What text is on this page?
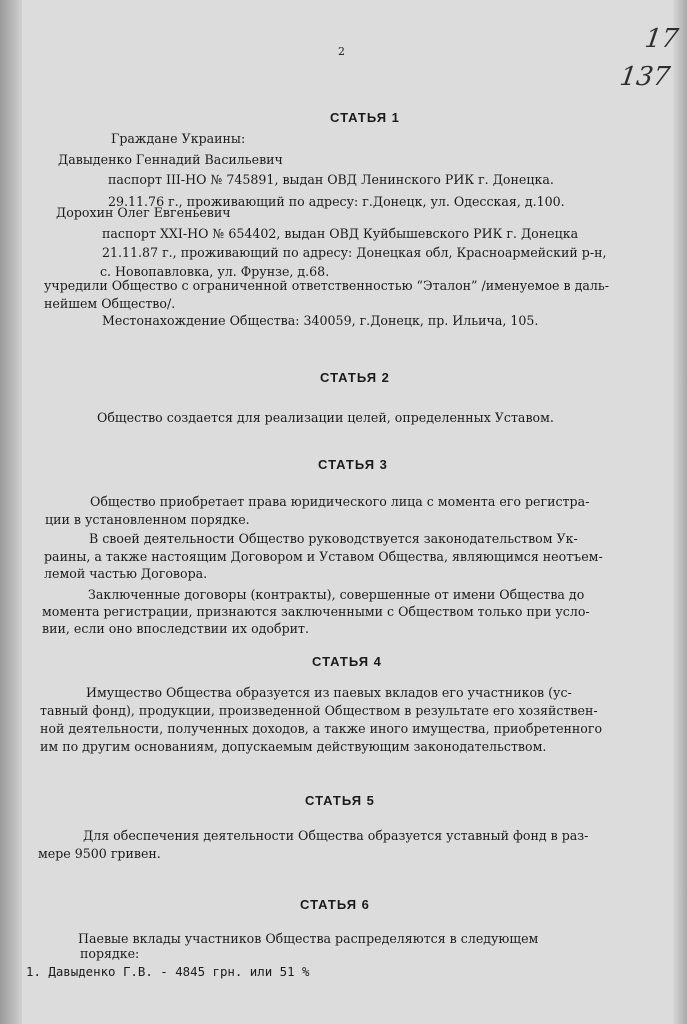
2	17
137
СТАТЬЯ 1
Граждане Украины:
Давыденко Геннадий Васильевич
паспорт III-НО № 745891, выдан ОВД Ленинского РИК г. Донецка.
29.11.76 г., проживающий по адресу: г.Донецк, ул. Одесская, д.100.
Дорохин Олег Евгеньевич
паспорт XXI-НО № 654402, выдан ОВД Куйбышевского РИК г. Донецка
21.11.87 г., проживающий по адресу: Донецкая обл, Красноармейский р-н,
с. Новопавловка, ул. Фрунзе, д.68.
учредили Общество с ограниченной ответственностью “Эталон” /именуемое в даль-
нейшем Общество/.
Местонахождение Общества: 340059, г.Донецк, пр. Ильича, 105.
СТАТЬЯ 2
Общество создается для реализации целей, определенных Уставом.
СТАТЬЯ 3
Общество приобретает права юридического лица с момента его регистра-
ции в установленном порядке.
В своей деятельности Общество руководствуется законодательством Ук-
раины, а также настоящим Договором и Уставом Общества, являющимся неотъем-
лемой частью Договора.
Заключенные договоры (контракты), совершенные от имени Общества до
момента регистрации, признаются заключенными с Обществом только при усло-
вии, если оно впоследствии их одобрит.
СТАТЬЯ 4
Имущество Общества образуется из паевых вкладов его участников (ус-
тавный фонд), продукции, произведенной Обществом в результате его хозяйствен-
ной деятельности, полученных доходов, а также иного имущества, приобретенного
им по другим основаниям, допускаемым действующим законодательством.
СТАТЬЯ 5
Для обеспечения деятельности Общества образуется уставный фонд в раз-
мере 9500 гривен.
СТАТЬЯ 6
Паевые вклады участников Общества распределяются в следующем
порядке:
1. Давыденко Г.В. - 4845 грн. или 51 %
